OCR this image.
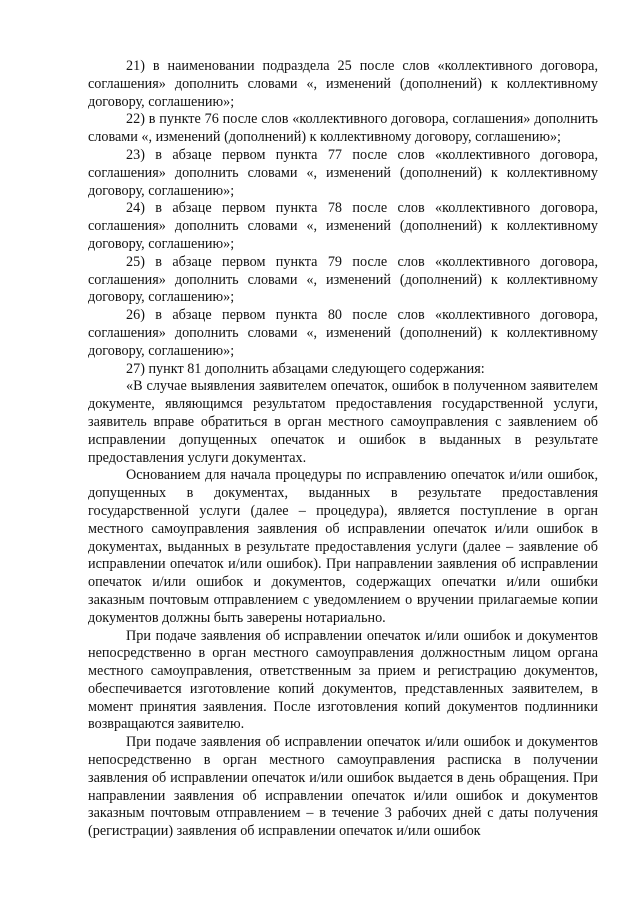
21) в наименовании подраздела 25 после слов «коллективного договора, соглашения» дополнить словами «, изменений (дополнений) к коллективному договору, соглашению»;

22) в пункте 76 после слов «коллективного договора, соглашения» дополнить словами «, изменений (дополнений) к коллективному договору, соглашению»;

23) в абзаце первом пункта 77 после слов «коллективного договора, соглашения» дополнить словами «, изменений (дополнений) к коллективному договору, соглашению»;

24) в абзаце первом пункта 78 после слов «коллективного договора, соглашения» дополнить словами «, изменений (дополнений) к коллективному договору, соглашению»;

25) в абзаце первом пункта 79 после слов «коллективного договора, соглашения» дополнить словами «, изменений (дополнений) к коллективному договору, соглашению»;

26) в абзаце первом пункта 80 после слов «коллективного договора, соглашения» дополнить словами «, изменений (дополнений) к коллективному договору, соглашению»;

27) пункт 81 дополнить абзацами следующего содержания:

«В случае выявления заявителем опечаток, ошибок в полученном заявителем документе, являющимся результатом предоставления государственной услуги, заявитель вправе обратиться в орган местного самоуправления с заявлением об исправлении допущенных опечаток и ошибок в выданных в результате предоставления услуги документах.

Основанием для начала процедуры по исправлению опечаток и/или ошибок, допущенных в документах, выданных в результате предоставления государственной услуги (далее – процедура), является поступление в орган местного самоуправления заявления об исправлении опечаток и/или ошибок в документах, выданных в результате предоставления услуги (далее – заявление об исправлении опечаток и/или ошибок). При направлении заявления об исправлении опечаток и/или ошибок и документов, содержащих опечатки и/или ошибки заказным почтовым отправлением с уведомлением о вручении прилагаемые копии документов должны быть заверены нотариально.

При подаче заявления об исправлении опечаток и/или ошибок и документов непосредственно в орган местного самоуправления должностным лицом органа местного самоуправления, ответственным за прием и регистрацию документов, обеспечивается изготовление копий документов, представленных заявителем, в момент принятия заявления. После изготовления копий документов подлинники возвращаются заявителю.

При подаче заявления об исправлении опечаток и/или ошибок и документов непосредственно в орган местного самоуправления расписка в получении заявления об исправлении опечаток и/или ошибок выдается в день обращения. При направлении заявления об исправлении опечаток и/или ошибок и документов заказным почтовым отправлением – в течение 3 рабочих дней с даты получения (регистрации) заявления об исправлении опечаток и/или ошибок
